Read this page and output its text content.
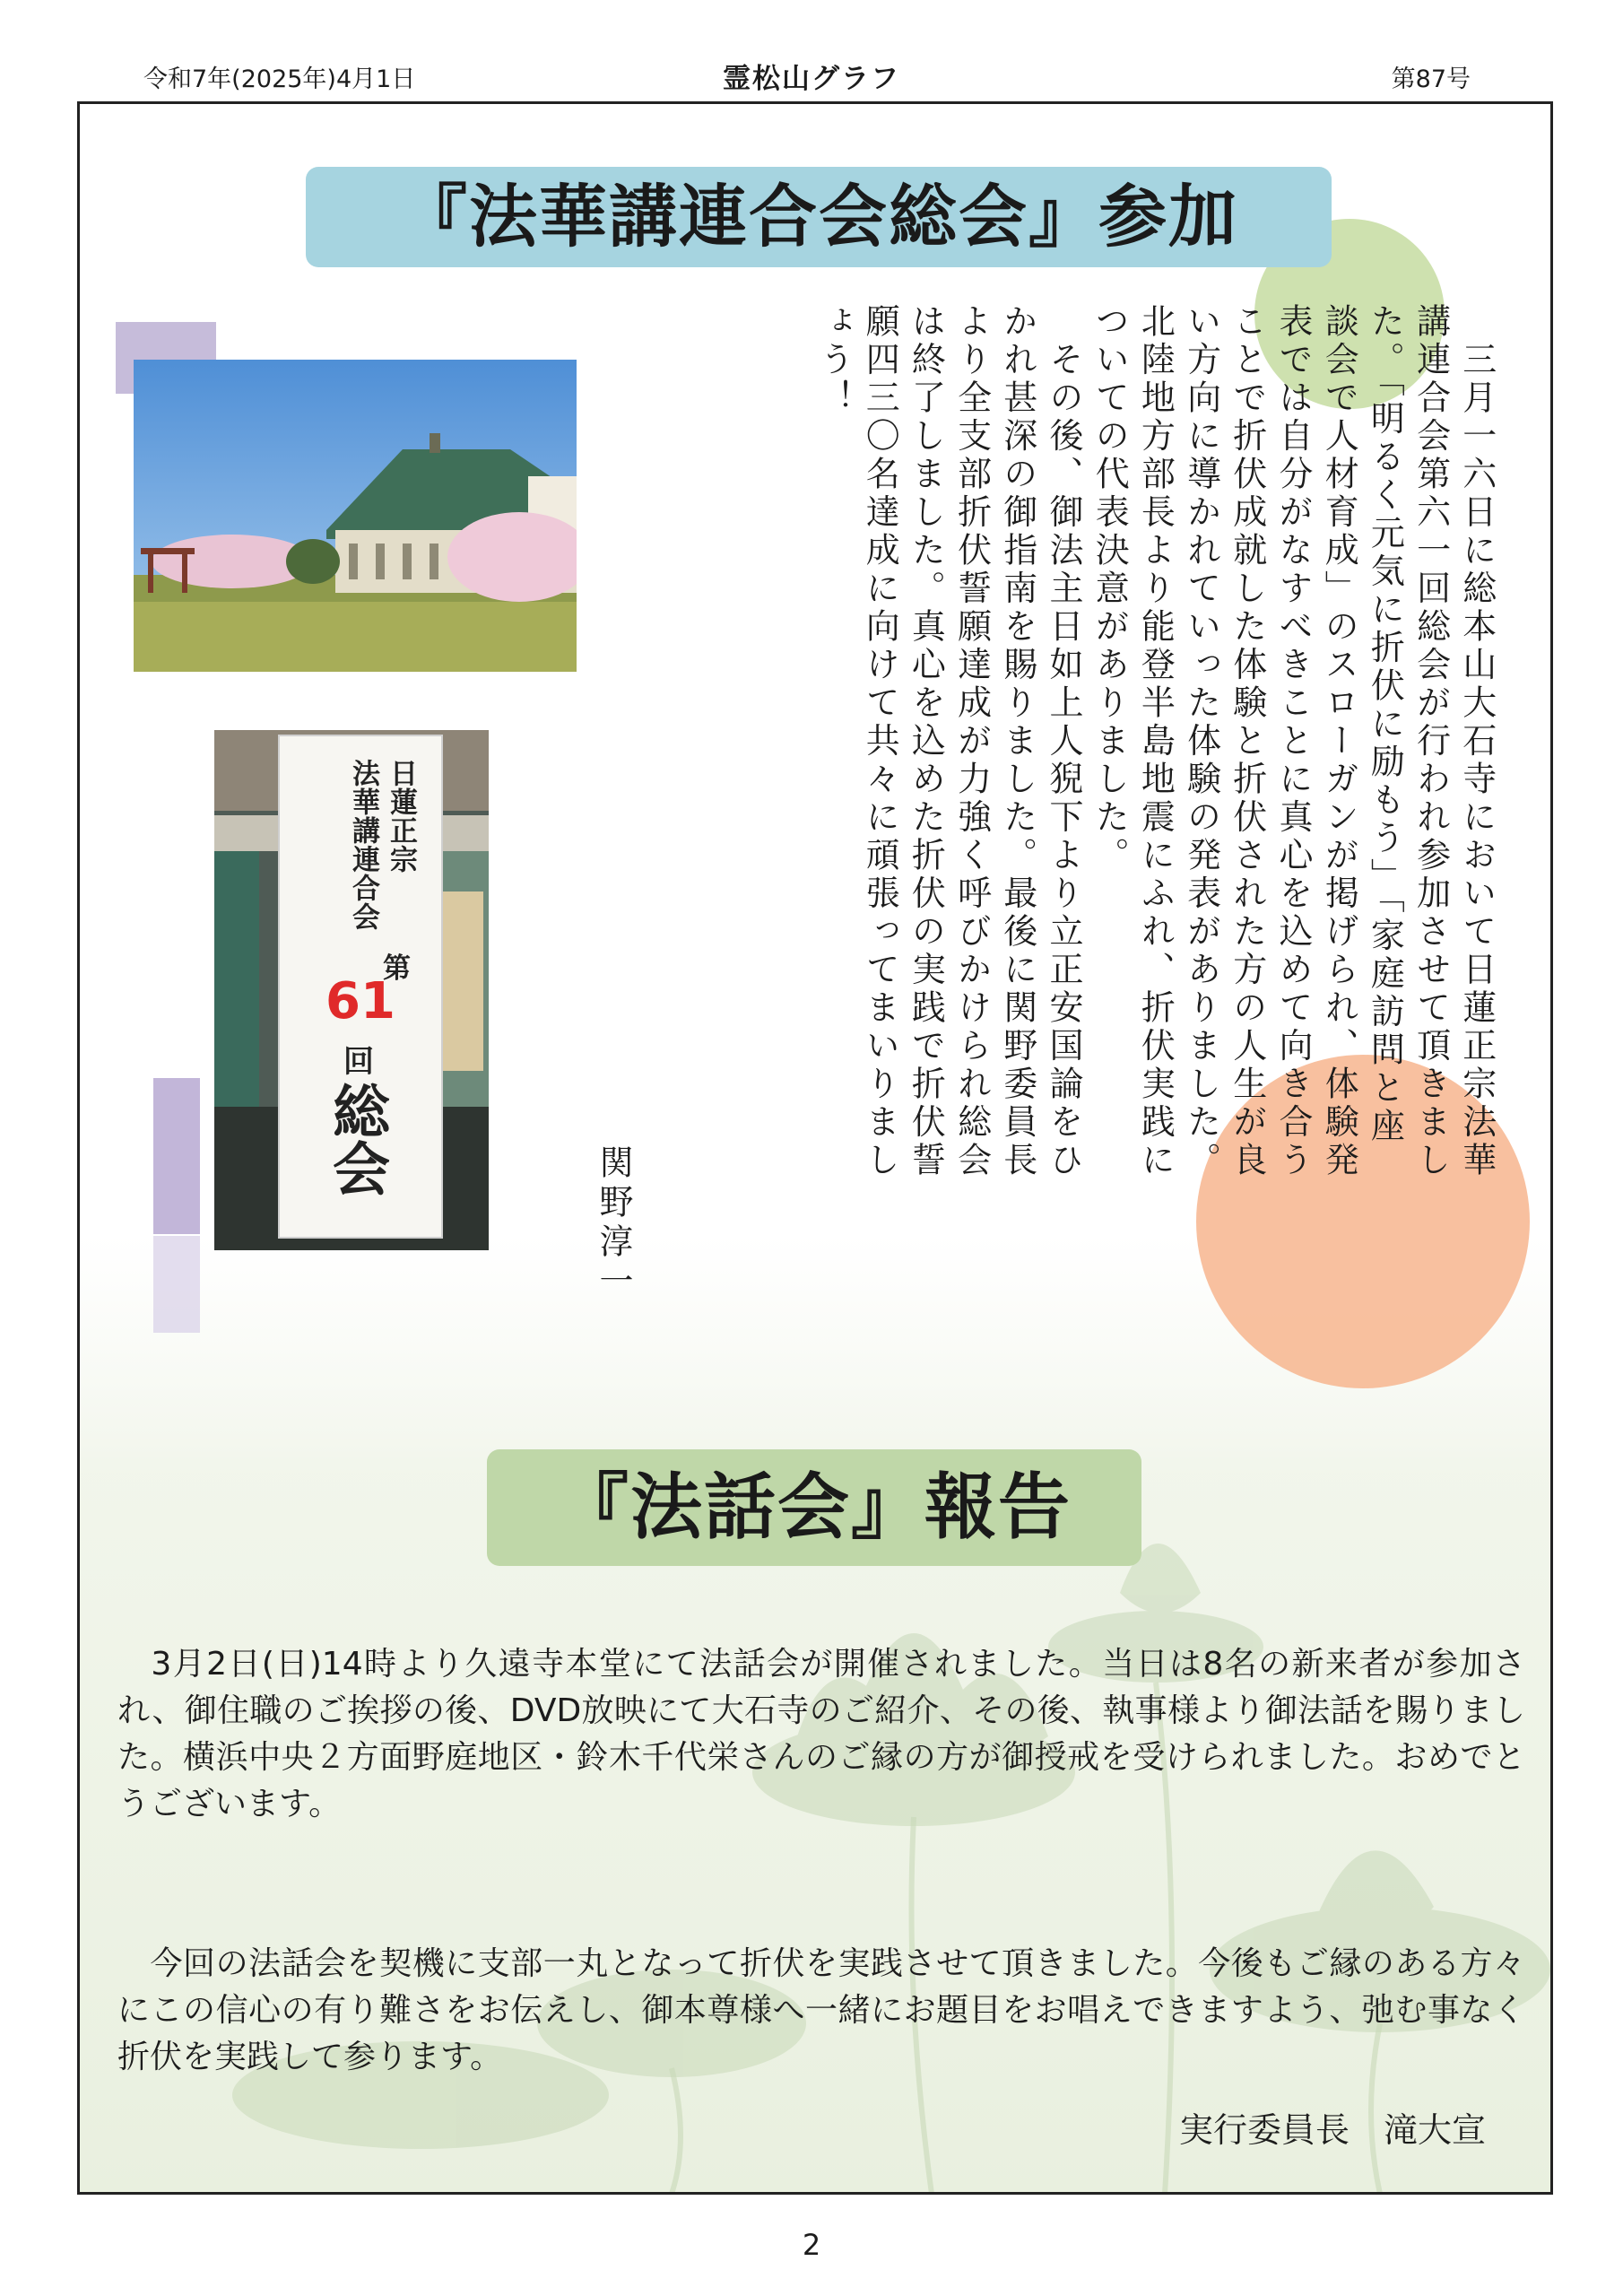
令和7年(2025年)4月1日	霊松山グラフ	第87号
『法華講連合会総会』参加
日蓮正宗
法華講連合会
第
61
回
総会	　三月一六日に総本山大石寺において日蓮正宗法華
講連合会第六一回総会が行われ参加させて頂きまし
た。「明るく元気に折伏に励もう」「家庭訪問と座
談会で人材育成」のスローガンが掲げられ、体験発
表では自分がなすべきことに真心を込めて向き合う
ことで折伏成就した体験と折伏された方の人生が良
い方向に導かれていった体験の発表がありました。
北陸地方部長より能登半島地震にふれ、折伏実践に
ついての代表決意がありました。
　その後、御法主日如上人猊下より立正安国論をひ
かれ甚深の御指南を賜りました。最後に関野委員長
より全支部折伏誓願達成が力強く呼びかけられ総会
は終了しました。真心を込めた折伏の実践で折伏誓
願四三〇名達成に向けて共々に頑張ってまいりまし
ょう！
関野淳一
『法話会』報告
　3月2日(日)14時より久遠寺本堂にて法話会が開催されました。当日は8名の新来者が参加され、御住職のご挨拶の後、DVD放映にて大石寺のご紹介、その後、執事様より御法話を賜りました。横浜中央２方面野庭地区・鈴木千代栄さんのご縁の方が御授戒を受けられました。おめでとうございます。
　今回の法話会を契機に支部一丸となって折伏を実践させて頂きました。今後もご縁のある方々にこの信心の有り難さをお伝えし、御本尊様へ一緒にお題目をお唱えできますよう、弛む事なく折伏を実践して参ります。
実行委員長　滝大宣
2
